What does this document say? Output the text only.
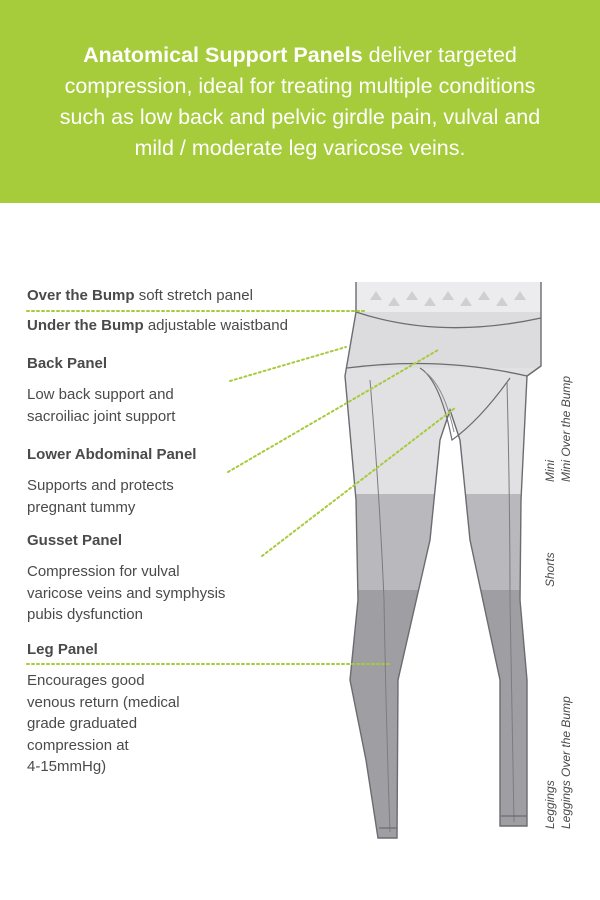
Anatomical Support Panels deliver targeted compression, ideal for treating multiple conditions such as low back and pelvic girdle pain, vulval and mild / moderate leg varicose veins.

Over the Bump soft stretch panel
Under the Bump adjustable waistband
Back Panel
Low back support and
sacroiliac joint support
Lower Abdominal Panel
Supports and protects
pregnant tummy
Gusset Panel
Compression for vulval
varicose veins and symphysis
pubis dysfunction
Leg Panel
Encourages good
venous return (medical
grade graduated
compression at
4-15mmHg)
Mini Mini Over the Bump
Shorts
Leggings Leggings Over the Bump
